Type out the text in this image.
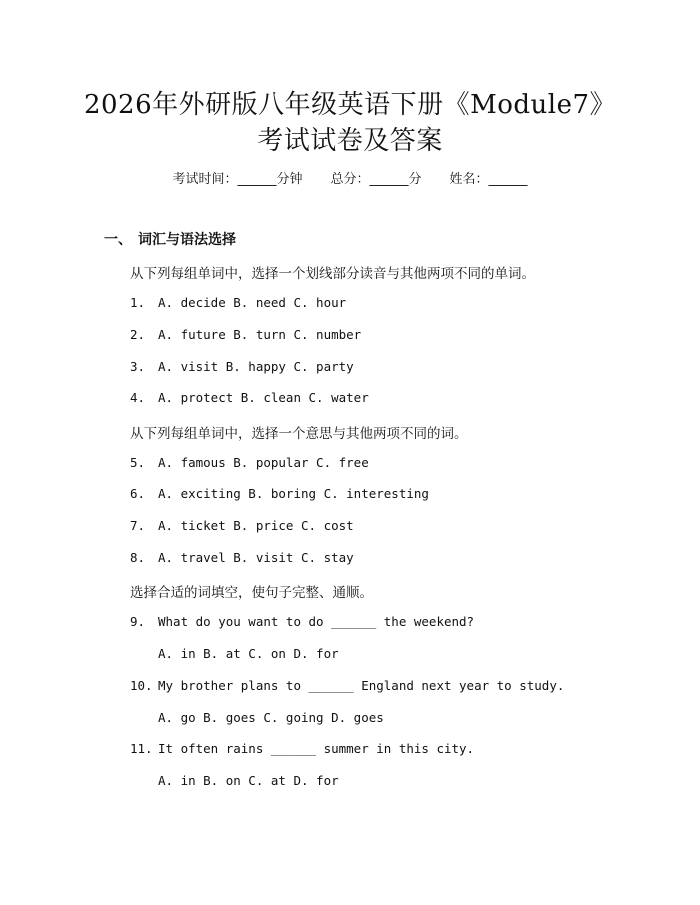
2026年外研版八年级英语下册《Module7》
考试试卷及答案
考试时间：______分钟 总分：______分 姓名：______
一、 词汇与语法选择
从下列每组单词中，选择一个划线部分读音与其他两项不同的单词。
1. A. decide B. need C. hour
2. A. future B. turn C. number
3. A. visit B. happy C. party
4. A. protect B. clean C. water
从下列每组单词中，选择一个意思与其他两项不同的词。
5. A. famous B. popular C. free
6. A. exciting B. boring C. interesting
7. A. ticket B. price C. cost
8. A. travel B. visit C. stay
选择合适的词填空，使句子完整、通顺。
9. What do you want to do ______ the weekend?
A. in B. at C. on D. for
10. My brother plans to ______ England next year to study.
A. go B. goes C. going D. goes
11. It often rains ______ summer in this city.
A. in B. on C. at D. for
